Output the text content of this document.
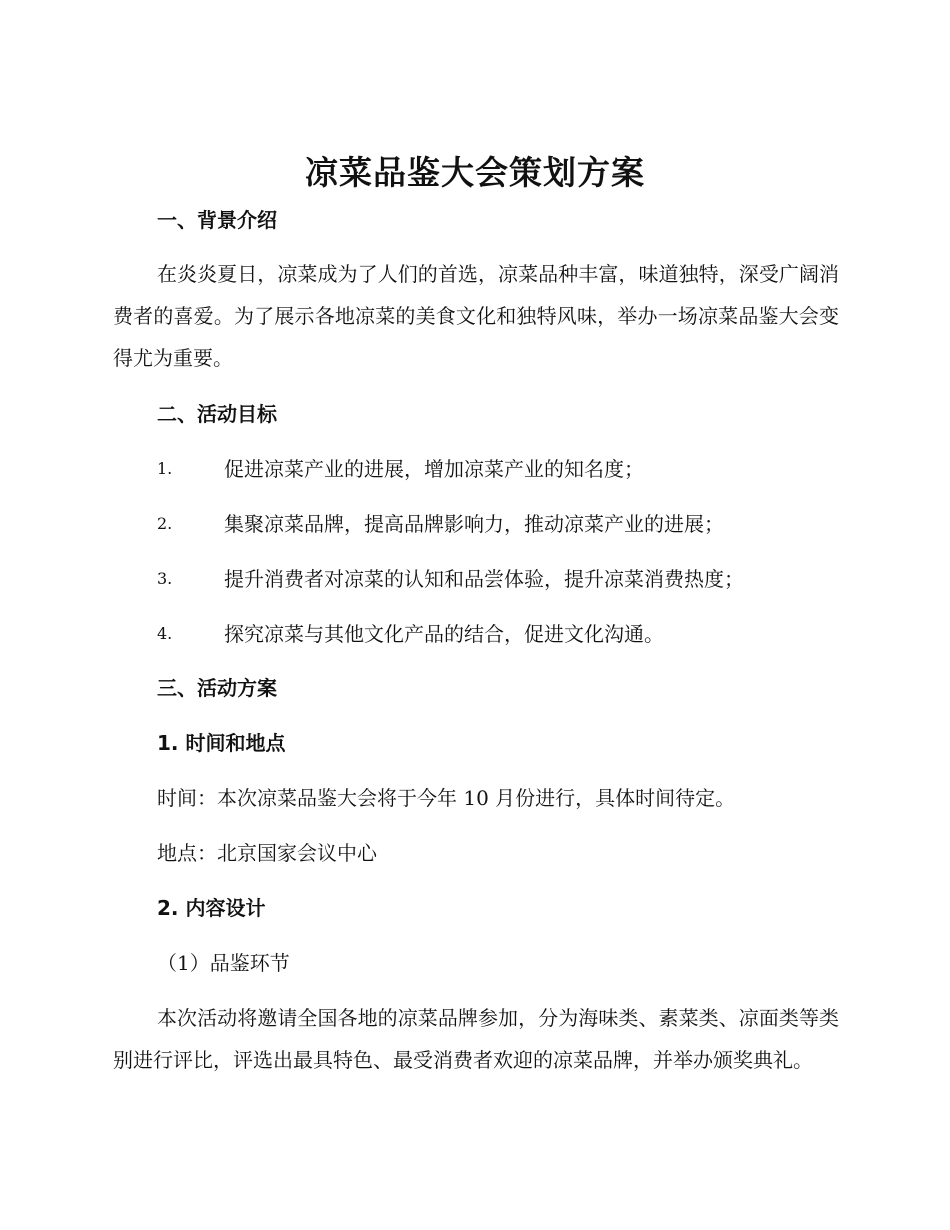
凉菜品鉴大会策划方案
一、背景介绍
在炎炎夏日，凉菜成为了人们的首选，凉菜品种丰富，味道独特，深受广阔消费者的喜爱。为了展示各地凉菜的美食文化和独特风味，举办一场凉菜品鉴大会变得尤为重要。
二、活动目标
1.	促进凉菜产业的进展，增加凉菜产业的知名度；
2.	集聚凉菜品牌，提高品牌影响力，推动凉菜产业的进展；
3.	提升消费者对凉菜的认知和品尝体验，提升凉菜消费热度；
4.	探究凉菜与其他文化产品的结合，促进文化沟通。
三、活动方案
1. 时间和地点
时间：本次凉菜品鉴大会将于今年 10 月份进行，具体时间待定。
地点：北京国家会议中心
2. 内容设计
（1）品鉴环节
本次活动将邀请全国各地的凉菜品牌参加，分为海味类、素菜类、凉面类等类别进行评比，评选出最具特色、最受消费者欢迎的凉菜品牌，并举办颁奖典礼。
